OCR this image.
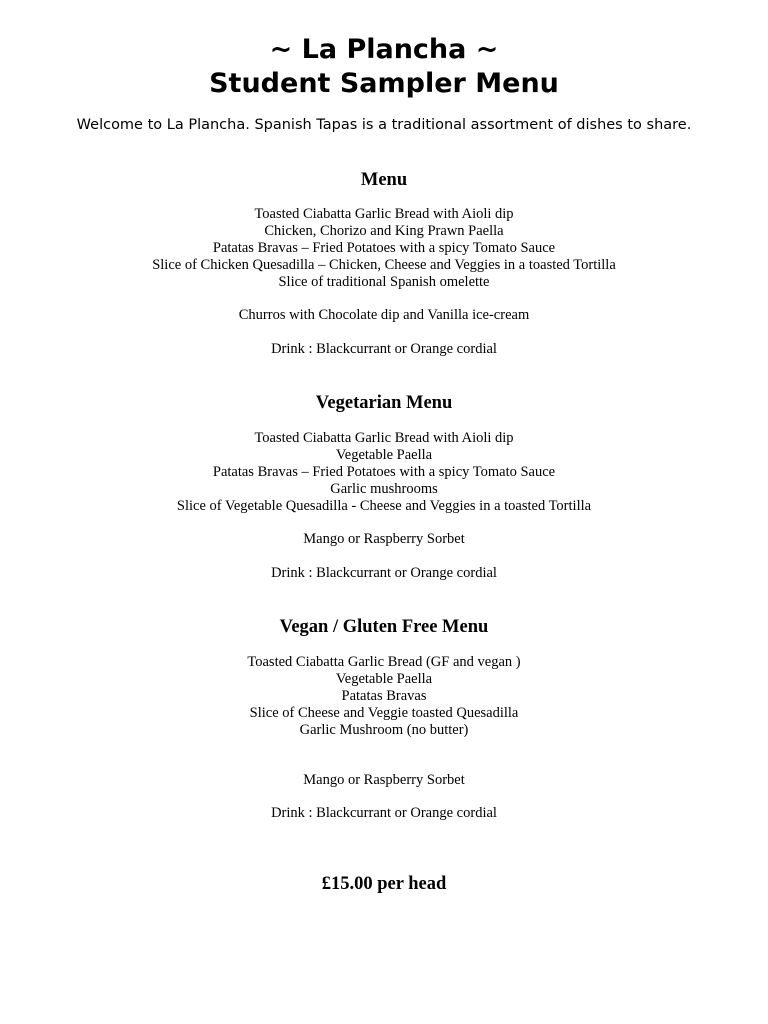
~ La Plancha ~
Student Sampler Menu
Welcome to La Plancha. Spanish Tapas is a traditional assortment of dishes to share.
Menu
Toasted Ciabatta Garlic Bread with Aioli dip
Chicken, Chorizo and King Prawn Paella
Patatas Bravas – Fried Potatoes with a spicy Tomato Sauce
Slice of Chicken Quesadilla – Chicken, Cheese and Veggies in a toasted Tortilla
Slice of traditional Spanish omelette
Churros with Chocolate dip and Vanilla ice-cream
Drink : Blackcurrant or Orange cordial
Vegetarian Menu
Toasted Ciabatta Garlic Bread with Aioli dip
Vegetable Paella
Patatas Bravas – Fried Potatoes with a spicy Tomato Sauce
Garlic mushrooms
Slice of Vegetable Quesadilla - Cheese and Veggies in a toasted Tortilla
Mango or Raspberry Sorbet
Drink : Blackcurrant or Orange cordial
Vegan / Gluten Free Menu
Toasted Ciabatta Garlic Bread (GF and vegan )
Vegetable Paella
Patatas Bravas
Slice of Cheese and Veggie toasted Quesadilla
Garlic Mushroom (no butter)
Mango or Raspberry Sorbet
Drink : Blackcurrant or Orange cordial
£15.00 per head
